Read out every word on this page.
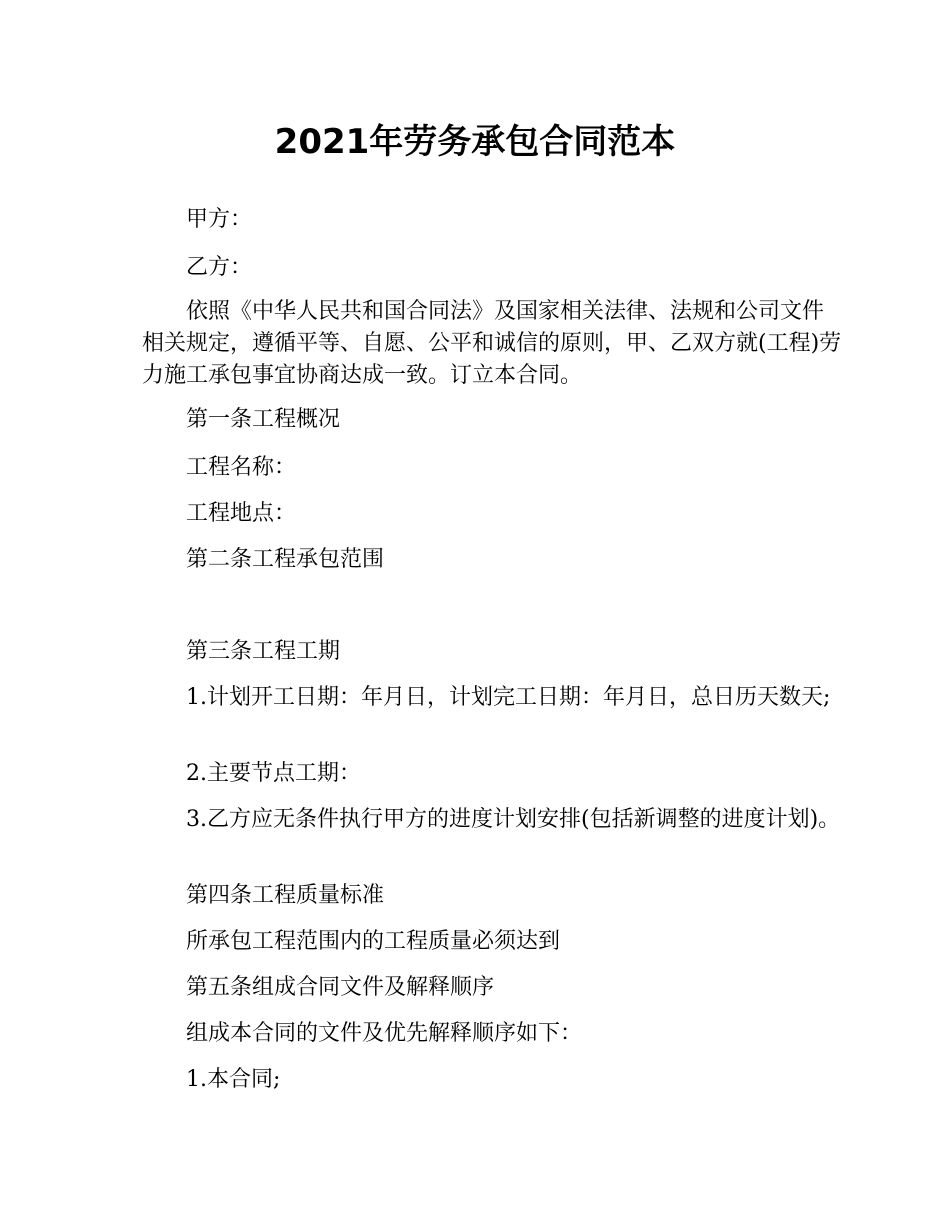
2021年劳务承包合同范本

甲方：

乙方：

依照《中华人民共和国合同法》及国家相关法律、法规和公司文件相关规定，遵循平等、自愿、公平和诚信的原则，甲、乙双方就(工程)劳力施工承包事宜协商达成一致。订立本合同。

第一条工程概况

工程名称：

工程地点：

第二条工程承包范围

第三条工程工期

1.计划开工日期：年月日，计划完工日期：年月日，总日历天数天;

2.主要节点工期：

3.乙方应无条件执行甲方的进度计划安排(包括新调整的进度计划)。

第四条工程质量标准

所承包工程范围内的工程质量必须达到

第五条组成合同文件及解释顺序

组成本合同的文件及优先解释顺序如下：

1.本合同;
